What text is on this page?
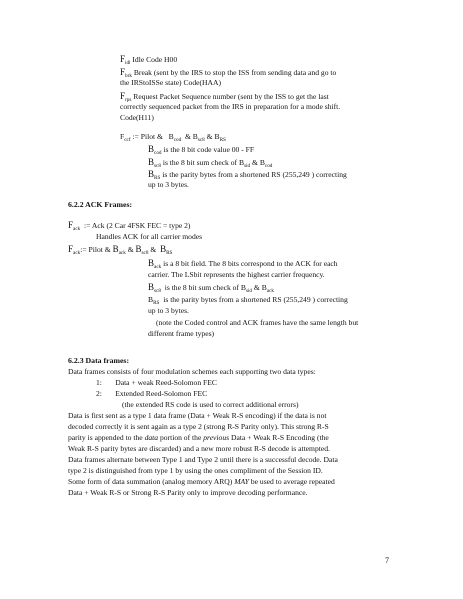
$F_{idl}$ Idle Code H00
$F_{brk}$ Break (sent by the IRS to stop the ISS from sending data and go to
the IRStoISSe state) Code(HAA)
$F_{rps}$ Request Packet Sequence number (sent by the ISS to get the last
correctly sequenced packet from the IRS in preparation for a mode shift.
Code(H11)
$F_{ccf}$ := Pilot &   $B_{cod}$  & $B_{sc8}$ & $B_{RS}$
$B_{cod}$ is the 8 bit code value 00 - FF
$B_{sc8}$ is the 8 bit sum check of $B_{sid}$ & $B_{cod}$
$B_{RS}$ is the parity bytes from a shortened RS (255,249 ) correcting
up to 3 bytes.
6.2.2 ACK Frames:
$F_{ack}$  := Ack (2 Car 4FSK FEC = type 2)
Handles ACK for all carrier modes
$F_{ack}:=$ Pilot & $B_{ack}$ & $B_{sc8}$ &  $B_{RS}$
$B_{ack}$ is a 8 bit field. The 8 bits correspond to the ACK for each
carrier. The LSbit represents the highest carrier frequency.
$B_{sc8}$ is the 8 bit sum check of $B_{sid}$ & $B_{ack}$
$B_{RS}$ is the parity bytes from a shortened RS (255,249 ) correcting
up to 3 bytes.
(note the Coded control and ACK frames have the same length but
different frame types)
6.2.3 Data frames:
Data frames consists of four modulation schemes each supporting two data types:
1: Data + weak Reed-Solomon FEC
2: Extended Reed-Solomon FEC
(the extended RS code is used to correct additional errors)
Data is first sent as a type 1 data frame (Data + Weak R-S encoding) if the data is not
decoded correctly it is sent again as a type 2 (strong R-S Parity only). This strong R-S
parity is appended to the data portion of the previous Data + Weak R-S Encoding (the
Weak R-S parity bytes are discarded) and a new more robust R-S decode is attempted.
Data frames alternate between Type 1 and Type 2 until there is a successful decode. Data
type 2 is distinguished from type 1 by using the ones compliment of the Session ID.
Some form of data summation (analog memory ARQ) MAY be used to average repeated
Data + Weak R-S or Strong R-S Parity only to improve decoding performance.
7
